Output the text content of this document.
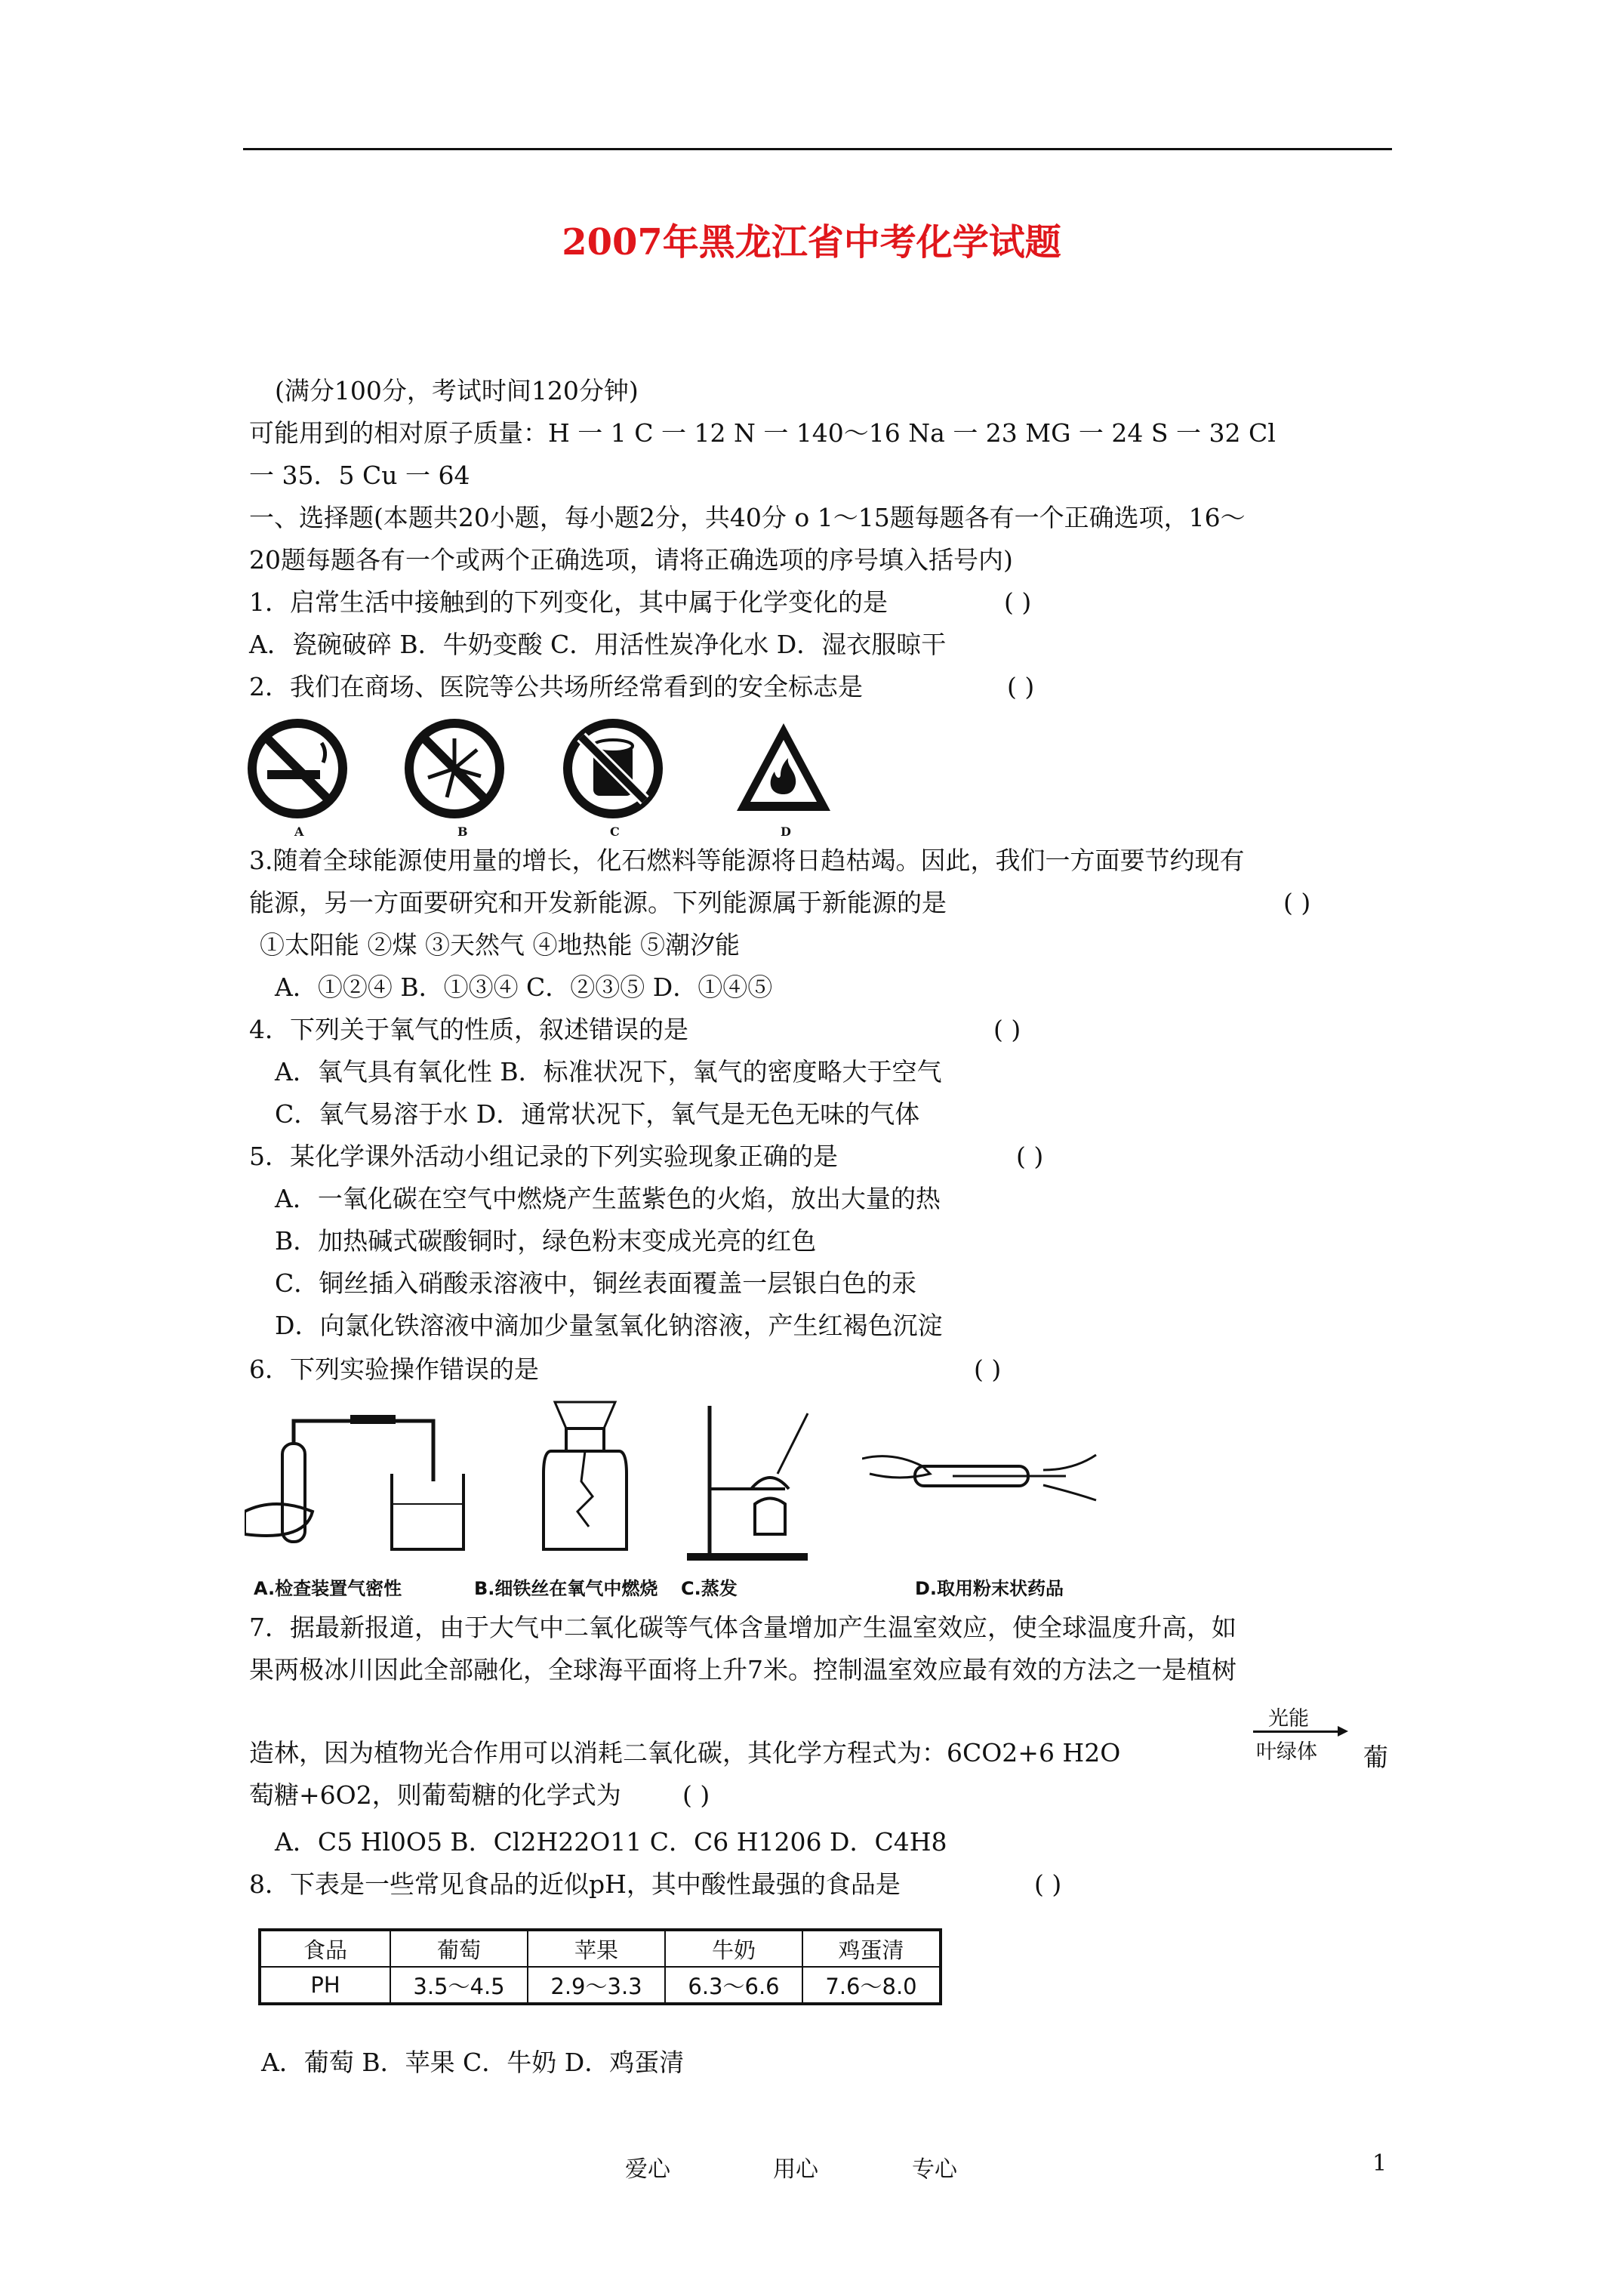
2007年黑龙江省中考化学试题
(满分100分，考试时间120分钟)
可能用到的相对原子质量：H 一 1 C 一 12 N 一 140～16 Na 一 23 MG 一 24 S 一 32 Cl
一 35．5 Cu 一 64
一、选择题(本题共20小题，每小题2分，共40分 o 1～15题每题各有一个正确选项，16～
20题每题各有一个或两个正确选项，请将正确选项的序号填入括号内)
1．启常生活中接触到的下列变化，其中属于化学变化的是	( )
A．瓷碗破碎 B．牛奶变酸 C．用活性炭净化水 D．湿衣服晾干
2．我们在商场、医院等公共场所经常看到的安全标志是	( )
A	B	C	D
3.随着全球能源使用量的增长，化石燃料等能源将日趋枯竭。因此，我们一方面要节约现有
能源，另一方面要研究和开发新能源。下列能源属于新能源的是	( )
①太阳能 ②煤 ③天然气 ④地热能 ⑤潮汐能
A．①②④ B．①③④ C．②③⑤ D．①④⑤
4．下列关于氧气的性质，叙述错误的是	( )
A．氧气具有氧化性 B．标准状况下，氧气的密度略大于空气
C．氧气易溶于水 D．通常状况下，氧气是无色无味的气体
5．某化学课外活动小组记录的下列实验现象正确的是	( )
A．一氧化碳在空气中燃烧产生蓝紫色的火焰，放出大量的热
B．加热碱式碳酸铜时，绿色粉末变成光亮的红色
C．铜丝插入硝酸汞溶液中，铜丝表面覆盖一层银白色的汞
D．向氯化铁溶液中滴加少量氢氧化钠溶液，产生红褐色沉淀
6．下列实验操作错误的是	( )
A.检查装置气密性	B.细铁丝在氧气中燃烧 C.蒸发	D.取用粉末状药品
7．据最新报道，由于大气中二氧化碳等气体含量增加产生温室效应，使全球温度升高，如
果两极冰川因此全部融化，全球海平面将上升7米。控制温室效应最有效的方法之一是植树
造林，因为植物光合作用可以消耗二氧化碳，其化学方程式为：6CO2+6 H2O
光能
叶绿体 葡
萄糖+6O2，则葡萄糖的化学式为 ( )
A．C5 Hl0O5 B．Cl2H22O11 C．C6 H1206 D．C4H8
8．下表是一些常见食品的近似pH，其中酸性最强的食品是	( )
食品	葡萄	苹果	牛奶	鸡蛋清
PH	3.5～4.5	2.9～3.3	6.3～6.6	7.6～8.0
A．葡萄 B．苹果 C．牛奶 D．鸡蛋清
爱心	用心	专心	1
